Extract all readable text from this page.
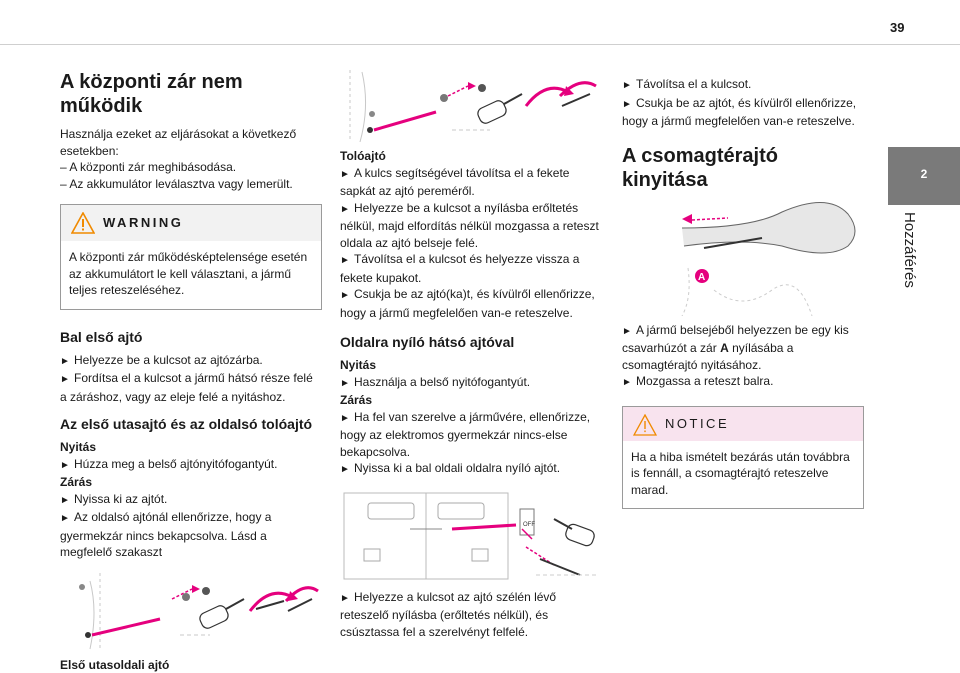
39
2
Hozzáférés
A központi zár nem működik

Használja ezeket az eljárásokat a következő esetekben:

– A központi zár meghibásodása.

– Az akkumulátor leválasztva vagy lemerült.

WARNING
A központi zár működésképtelensége esetén az akkumulátort le kell választani, a jármű teljes reteszeléséhez.
Bal első ajtó

► Helyezze be a kulcsot az ajtózárba.

► Fordítsa el a kulcsot a jármű hátsó része felé a záráshoz, vagy az eleje felé a nyitáshoz.

Az első utasajtó és az oldalsó tolóajtó

Nyitás

► Húzza meg a belső ajtónyitófogantyút.

Zárás

► Nyissa ki az ajtót.

► Az oldalsó ajtónál ellenőrizze, hogy a gyermekzár nincs bekapcsolva. Lásd a megfelelő szakaszt

Első utasoldali ajtó

Tolóajtó

► A kulcs segítségével távolítsa el a fekete sapkát az ajtó pereméről.

► Helyezze be a kulcsot a nyílásba erőltetés nélkül, majd elfordítás nélkül mozgassa a reteszt oldala az ajtó belseje felé.

► Távolítsa el a kulcsot és helyezze vissza a fekete kupakot.

► Csukja be az ajtó(ka)t, és kívülről ellenőrizze, hogy a jármű megfelelően van-e reteszelve.

Oldalra nyíló hátsó ajtóval

Nyitás

► Használja a belső nyitófogantyút.

Zárás

► Ha fel van szerelve a járművére, ellenőrizze, hogy az elektromos gyermekzár nincs-else bekapcsolva.

► Nyissa ki a bal oldali oldalra nyíló ajtót.

OFF

► Helyezze a kulcsot az ajtó szélén lévő reteszelő nyílásba (erőltetés nélkül), és csúsztassa fel a szerelvényt felfelé.

► Távolítsa el a kulcsot.

► Csukja be az ajtót, és kívülről ellenőrizze, hogy a jármű megfelelően van-e reteszelve.

A csomagtérajtó kinyitása
A

► A jármű belsejéből helyezzen be egy kis csavarhúzót a zár A nyílásába a csomagtérajtó nyitásához.

► Mozgassa a reteszt balra.

NOTICE
Ha a hiba ismételt bezárás után továbbra is fennáll, a csomagtérajtó reteszelve marad.
